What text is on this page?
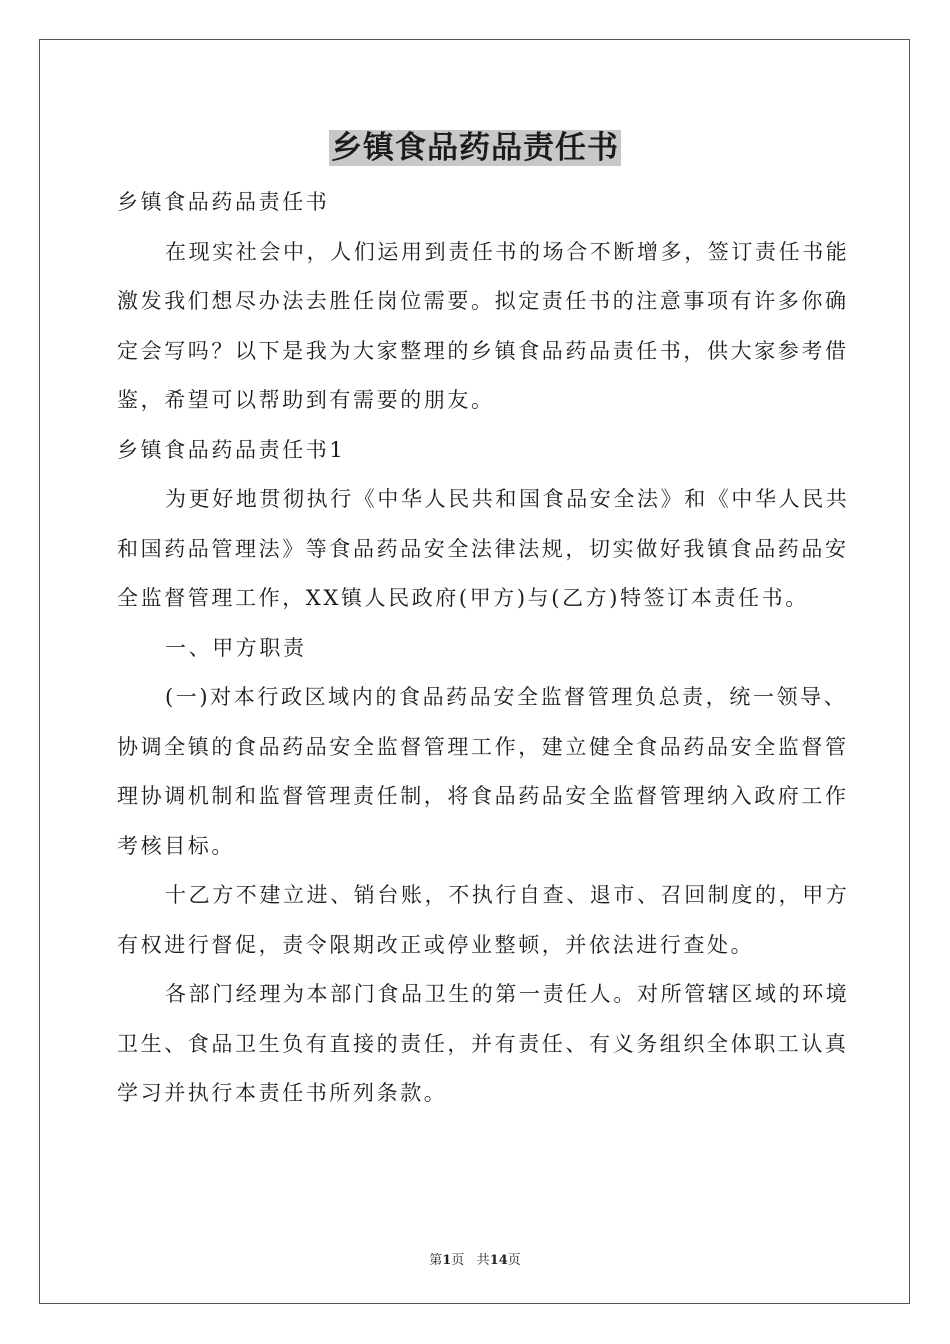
乡镇食品药品责任书

乡镇食品药品责任书

在现实社会中，人们运用到责任书的场合不断增多，签订责任书能激发我们想尽办法去胜任岗位需要。拟定责任书的注意事项有许多你确定会写吗？以下是我为大家整理的乡镇食品药品责任书，供大家参考借鉴，希望可以帮助到有需要的朋友。

乡镇食品药品责任书1

为更好地贯彻执行《中华人民共和国食品安全法》和《中华人民共和国药品管理法》等食品药品安全法律法规，切实做好我镇食品药品安全监督管理工作，XX镇人民政府(甲方)与(乙方)特签订本责任书。

一、甲方职责

(一)对本行政区域内的食品药品安全监督管理负总责，统一领导、协调全镇的食品药品安全监督管理工作，建立健全食品药品安全监督管理协调机制和监督管理责任制，将食品药品安全监督管理纳入政府工作考核目标。

十乙方不建立进、销台账，不执行自查、退市、召回制度的，甲方有权进行督促，责令限期改正或停业整顿，并依法进行查处。

各部门经理为本部门食品卫生的第一责任人。对所管辖区域的环境卫生、食品卫生负有直接的责任，并有责任、有义务组织全体职工认真学习并执行本责任书所列条款。

第1页 共14页
